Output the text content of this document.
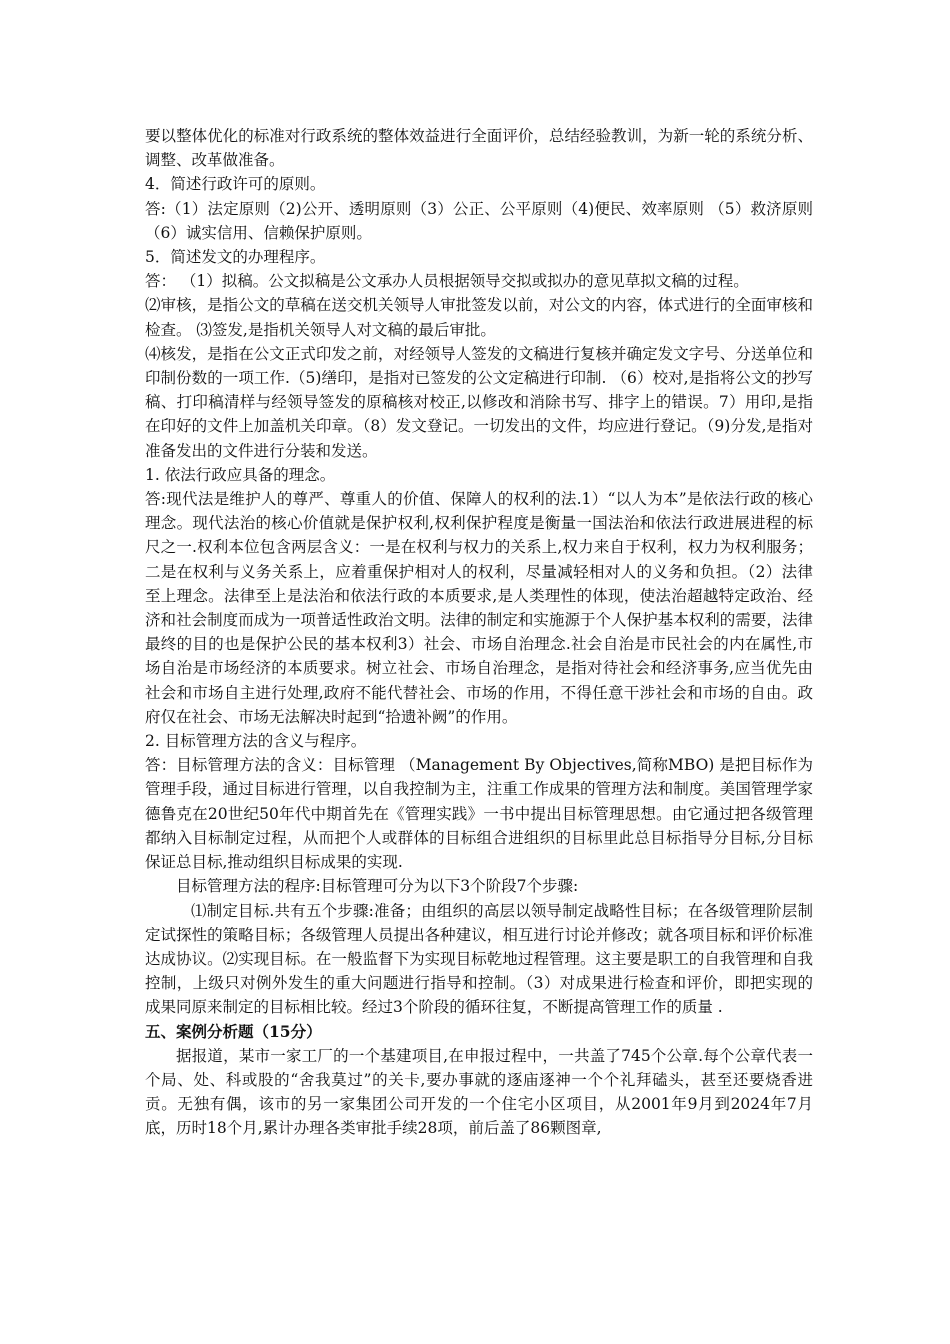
要以整体优化的标准对行政系统的整体效益进行全面评价，总结经验教训，为新一轮的系统分析、调整、改革做准备。

4．简述行政许可的原则。

答:（1）法定原则（2)公开、透明原则（3）公正、公平原则（4)便民、效率原则 （5）救济原则（6）诚实信用、信赖保护原则。

5．简述发文的办理程序。

答： （1）拟稿。公文拟稿是公文承办人员根据领导交拟或拟办的意见草拟文稿的过程。

⑵审核，是指公文的草稿在送交机关领导人审批签发以前，对公文的内容，体式进行的全面审核和检查。 ⑶签发,是指机关领导人对文稿的最后审批。

⑷核发，是指在公文正式印发之前，对经领导人签发的文稿进行复核并确定发文字号、分送单位和印制份数的一项工作.（5)缮印，是指对已签发的公文定稿进行印制. （6）校对,是指将公文的抄写稿、打印稿清样与经领导签发的原稿核对校正,以修改和消除书写、排字上的错误。7）用印,是指在印好的文件上加盖机关印章。（8）发文登记。一切发出的文件，均应进行登记。（9)分发,是指对准备发出的文件进行分装和发送。

1. 依法行政应具备的理念。

答:现代法是维护人的尊严、尊重人的价值、保障人的权利的法.1）“以人为本”是依法行政的核心理念。现代法治的核心价值就是保护权利,权利保护程度是衡量一国法治和依法行政进展进程的标尺之一.权利本位包含两层含义：一是在权利与权力的关系上,权力来自于权利，权力为权利服务；二是在权利与义务关系上，应着重保护相对人的权利，尽量减轻相对人的义务和负担。（2）法律至上理念。法律至上是法治和依法行政的本质要求,是人类理性的体现，使法治超越特定政治、经济和社会制度而成为一项普适性政治文明。法律的制定和实施源于个人保护基本权利的需要，法律最终的目的也是保护公民的基本权利3）社会、市场自治理念.社会自治是市民社会的内在属性,市场自治是市场经济的本质要求。树立社会、市场自治理念，是指对待社会和经济事务,应当优先由社会和市场自主进行处理,政府不能代替社会、市场的作用，不得任意干涉社会和市场的自由。政府仅在社会、市场无法解决时起到“拾遗补阙”的作用。

2. 目标管理方法的含义与程序。

答：目标管理方法的含义：目标管理 （Management By Objectives,简称MBO) 是把目标作为管理手段，通过目标进行管理，以自我控制为主，注重工作成果的管理方法和制度。美国管理学家德鲁克在20世纪50年代中期首先在《管理实践》一书中提出目标管理思想。由它通过把各级管理都纳入目标制定过程，从而把个人或群体的目标组合进组织的目标里此总目标指导分目标,分目标保证总目标,推动组织目标成果的实现.

目标管理方法的程序:目标管理可分为以下3个阶段7个步骤:

⑴制定目标.共有五个步骤:准备；由组织的高层以领导制定战略性目标；在各级管理阶层制定试探性的策略目标；各级管理人员提出各种建议，相互进行讨论并修改；就各项目标和评价标准达成协议。⑵实现目标。在一般监督下为实现目标乾地过程管理。这主要是职工的自我管理和自我控制，上级只对例外发生的重大问题进行指导和控制。（3）对成果进行检查和评价，即把实现的成果同原来制定的目标相比较。经过3个阶段的循环往复，不断提高管理工作的质量 .

五、案例分析题（15分）

据报道，某市一家工厂的一个基建项目,在申报过程中，一共盖了745个公章.每个公章代表一个局、处、科或股的“舍我莫过”的关卡,要办事就的逐庙逐神一个个礼拜磕头，甚至还要烧香进贡。无独有偶，该市的另一家集团公司开发的一个住宅小区项目，从2001年9月到2024年7月底，历时18个月,累计办理各类审批手续28项，前后盖了86颗图章,
